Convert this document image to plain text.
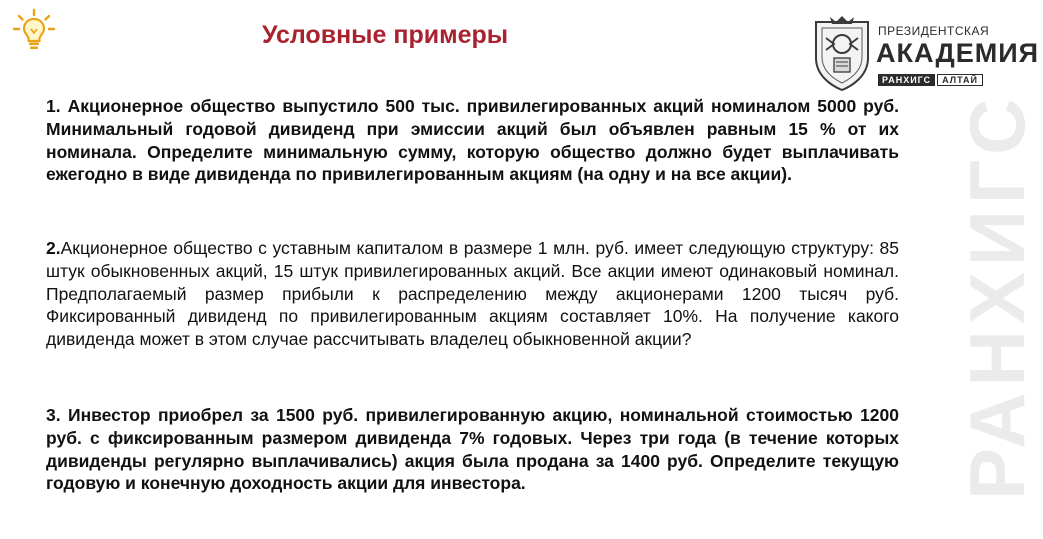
Условные примеры	ПРЕЗИДЕНТСКАЯ
АКАДЕМИЯ
РАНХИГС	АЛТАЙ
РАНХИГС

1. Акционерное общество выпустило 500 тыс. привилегированных акций номиналом 5000 руб. Минимальный годовой дивиденд при эмиссии акций был объявлен равным 15 % от их номинала. Определите минимальную сумму, которую общество должно будет выплачивать ежегодно в виде дивиденда по привилегированным акциям (на одну и на все акции).

2.Акционерное общество с уставным капиталом в размере 1 млн. руб. имеет следующую структуру: 85 штук обыкновенных акций, 15 штук привилегированных акций. Все акции имеют одинаковый номинал. Предполагаемый размер прибыли к распределению между акционерами 1200 тысяч руб. Фиксированный дивиденд по привилегированным акциям составляет 10%. На получение какого дивиденда может в этом случае рассчитывать владелец обыкновенной акции?

3. Инвестор приобрел за 1500 руб. привилегированную акцию, номинальной стоимостью 1200 руб. с фиксированным размером дивиденда 7% годовых. Через три года (в течение которых дивиденды регулярно выплачивались) акция была продана за 1400 руб. Определите текущую годовую и конечную доходность акции для инвестора.
